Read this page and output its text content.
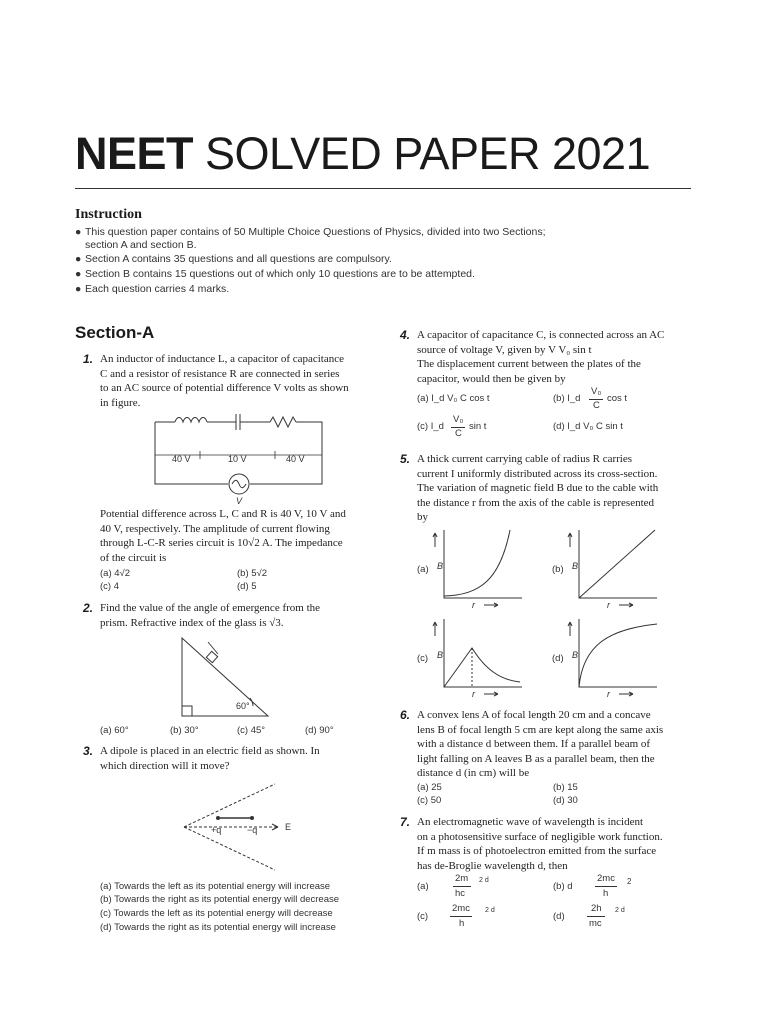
NEET SOLVED PAPER 2021
Instruction
● This question paper contains of 50 Multiple Choice Questions of Physics, divided into two Sections;
section A and section B.
● Section A contains 35 questions and all questions are compulsory.
● Section B contains 15 questions out of which only 10 questions are to be attempted.
● Each question carries 4 marks.
Section-A
1. An inductor of inductance L, a capacitor of capacitance
C and a resistor of resistance R are connected in series
to an AC source of potential difference V volts as shown
in figure.
40 V	10 V	40 V
V
Potential difference across L, C and R is 40 V, 10 V and
40 V, respectively. The amplitude of current flowing
through L-C-R series circuit is 10√2 A. The impedance
of the circuit is
(a) 4√2	(b) 5√2
(c) 4	(d) 5
2. Find the value of the angle of emergence from the
prism. Refractive index of the glass is √3.
60°
(a) 60°	(b) 30°	(c) 45°	(d) 90°
3. A dipole is placed in an electric field as shown. In
which direction will it move?
+q	−q	E
(a) Towards the left as its potential energy will increase
(b) Towards the right as its potential energy will decrease
(c) Towards the left as its potential energy will decrease
(d) Towards the right as its potential energy will increase
4. A capacitor of capacitance C, is connected across an AC
source of voltage V, given by V V₀ sin t
The displacement current between the plates of the
capacitor, would then be given by
(a) I_d V₀ C cos t	(b) I_d
V₀
C
cos t
(c) I_d
V₀
C
sin t	(d) I_d V₀ C sin t
5. A thick current carrying cable of radius R carries
current I uniformly distributed across its cross-section.
The variation of magnetic field B due to the cable with
the distance r from the axis of the cable is represented
by
(a) B
r
(b) B
r
(c) B
r
(d) B
r
6. A convex lens A of focal length 20 cm and a concave
lens B of focal length 5 cm are kept along the same axis
with a distance d between them. If a parallel beam of
light falling on A leaves B as a parallel beam, then the
distance d (in cm) will be
(a) 25	(b) 15
(c) 50	(d) 30
7. An electromagnetic wave of wavelength is incident
on a photosensitive surface of negligible work function.
If m mass is of photoelectron emitted from the surface
has de-Broglie wavelength d, then
(a)
2m
hc
2 d
(b) d
2mc
h
2
(c)
2mc
h
2 d
(d)
2h
mc
2 d
